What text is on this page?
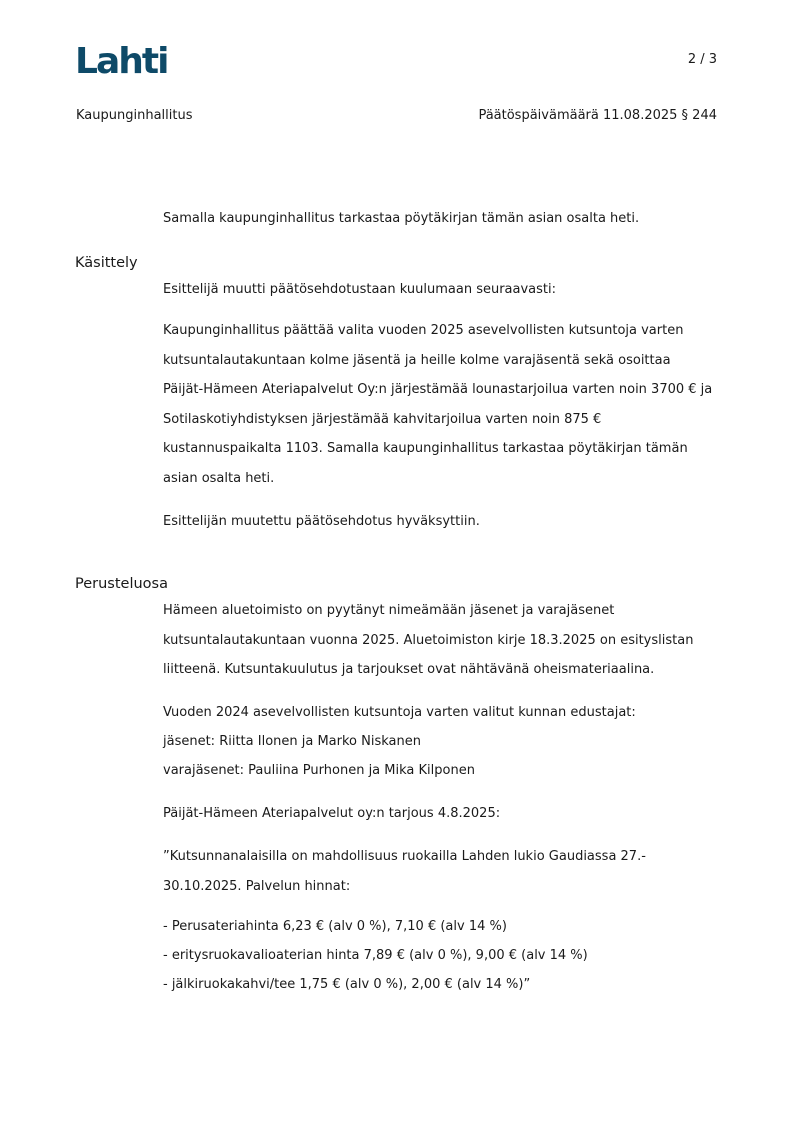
Lahti	2 / 3
Kaupunginhallitus	Päätöspäivämäärä 11.08.2025 § 244
Samalla kaupunginhallitus tarkastaa pöytäkirjan tämän asian osalta heti.
Käsittely
Esittelijä muutti päätösehdotustaan kuulumaan seuraavasti:
Kaupunginhallitus päättää valita vuoden 2025 asevelvollisten kutsuntoja varten
kutsuntalautakuntaan kolme jäsentä ja heille kolme varajäsentä sekä osoittaa
Päijät-Hämeen Ateriapalvelut Oy:n järjestämää lounastarjoilua varten noin 3700 € ja
Sotilaskotiyhdistyksen järjestämää kahvitarjoilua varten noin 875 €
kustannuspaikalta 1103. Samalla kaupunginhallitus tarkastaa pöytäkirjan tämän
asian osalta heti.
Esittelijän muutettu päätösehdotus hyväksyttiin.
Perusteluosa
Hämeen aluetoimisto on pyytänyt nimeämään jäsenet ja varajäsenet
kutsuntalautakuntaan vuonna 2025. Aluetoimiston kirje 18.3.2025 on esityslistan
liitteenä. Kutsuntakuulutus ja tarjoukset ovat nähtävänä oheismateriaalina.
Vuoden 2024 asevelvollisten kutsuntoja varten valitut kunnan edustajat:
jäsenet: Riitta Ilonen ja Marko Niskanen
varajäsenet: Pauliina Purhonen ja Mika Kilponen
Päijät-Hämeen Ateriapalvelut oy:n tarjous 4.8.2025:
”Kutsunnanalaisilla on mahdollisuus ruokailla Lahden lukio Gaudiassa 27.-
30.10.2025. Palvelun hinnat:
- Perusateriahinta 6,23 € (alv 0 %), 7,10 € (alv 14 %)
- eritysruokavalioaterian hinta 7,89 € (alv 0 %), 9,00 € (alv 14 %)
- jälkiruokakahvi/tee 1,75 € (alv 0 %), 2,00 € (alv 14 %)”
